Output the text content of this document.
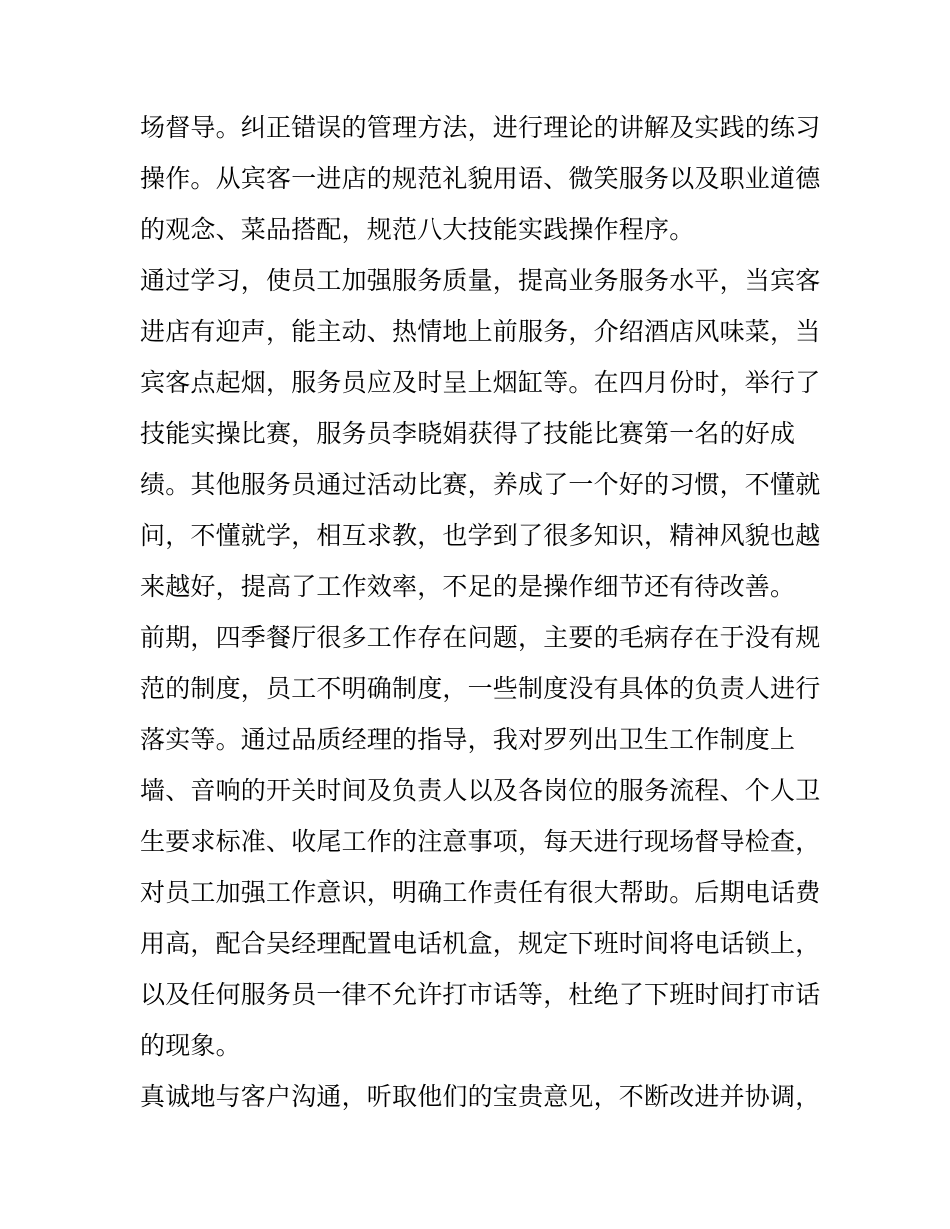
场督导。纠正错误的管理方法，进行理论的讲解及实践的练习
操作。从宾客一进店的规范礼貌用语、微笑服务以及职业道德
的观念、菜品搭配，规范八大技能实践操作程序。
通过学习，使员工加强服务质量，提高业务服务水平，当宾客
进店有迎声，能主动、热情地上前服务，介绍酒店风味菜，当
宾客点起烟，服务员应及时呈上烟缸等。在四月份时，举行了
技能实操比赛，服务员李晓娟获得了技能比赛第一名的好成
绩。其他服务员通过活动比赛，养成了一个好的习惯，不懂就
问，不懂就学，相互求教，也学到了很多知识，精神风貌也越
来越好，提高了工作效率，不足的是操作细节还有待改善。
前期，四季餐厅很多工作存在问题，主要的毛病存在于没有规
范的制度，员工不明确制度，一些制度没有具体的负责人进行
落实等。通过品质经理的指导，我对罗列出卫生工作制度上
墙、音响的开关时间及负责人以及各岗位的服务流程、个人卫
生要求标准、收尾工作的注意事项，每天进行现场督导检查，
对员工加强工作意识，明确工作责任有很大帮助。后期电话费
用高，配合吴经理配置电话机盒，规定下班时间将电话锁上，
以及任何服务员一律不允许打市话等，杜绝了下班时间打市话
的现象。
真诚地与客户沟通，听取他们的宝贵意见，不断改进并协调，
